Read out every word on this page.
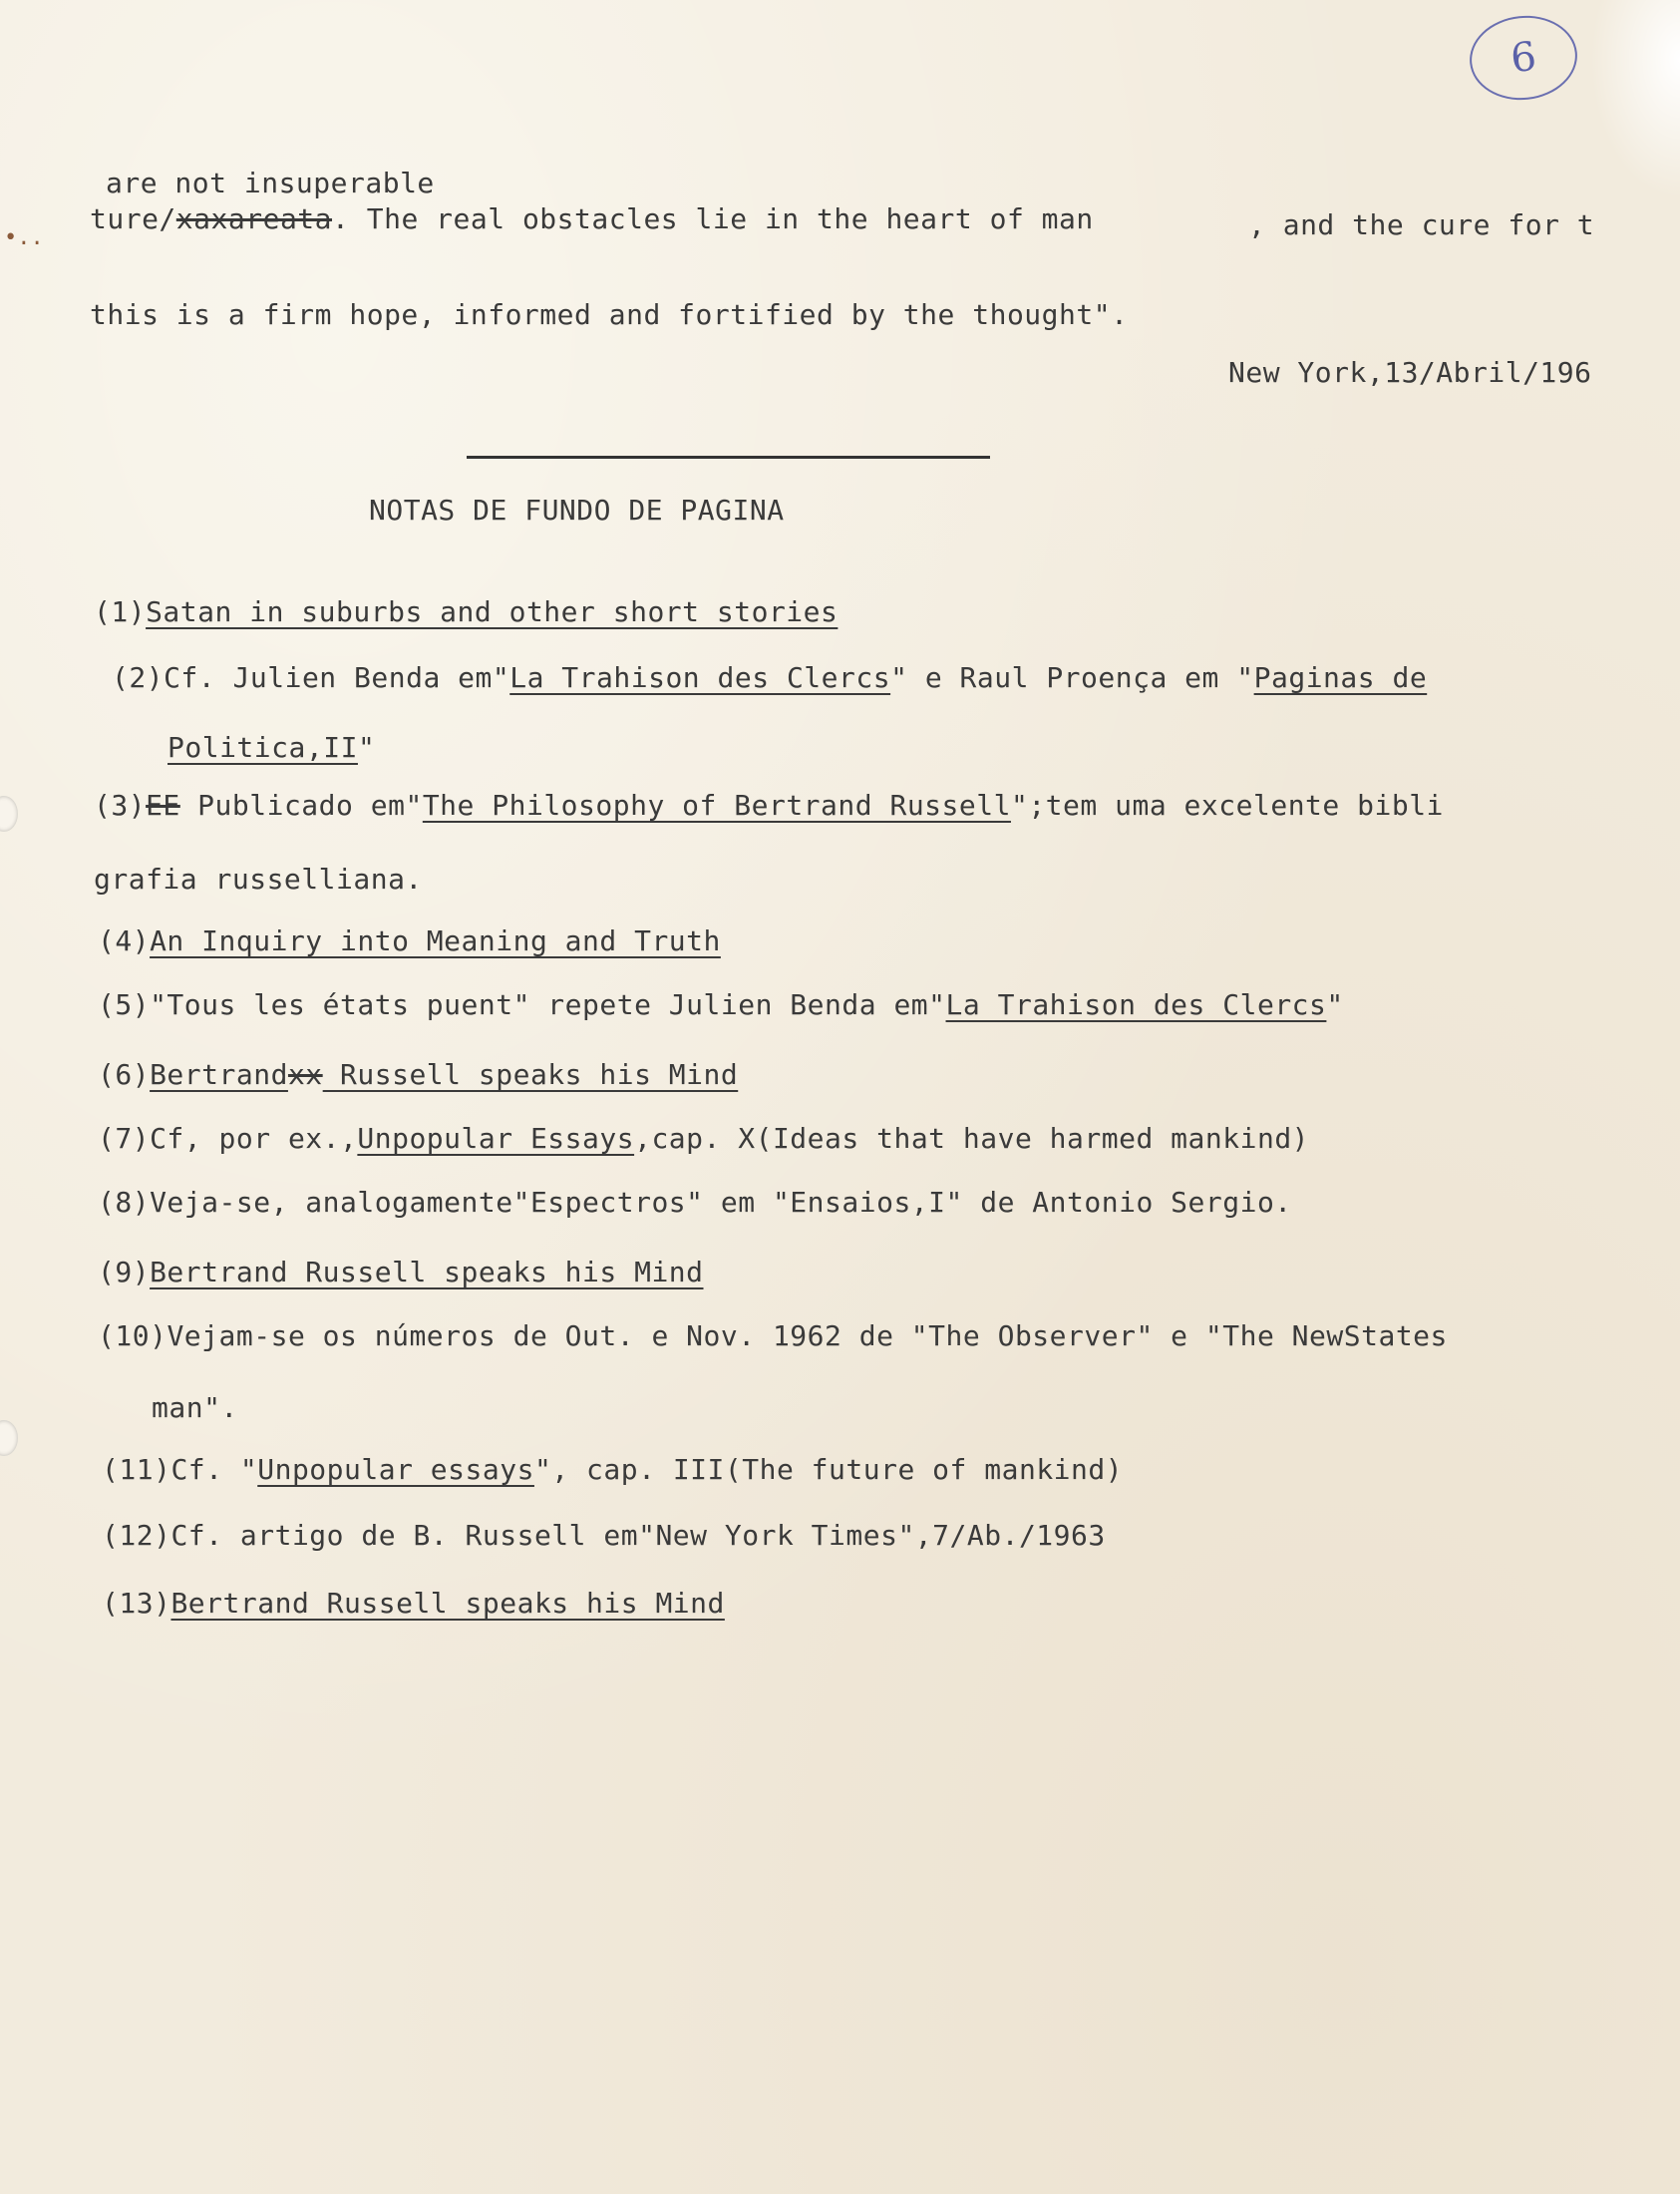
•..
6
are not insuperable
ture/xaxareata. The real obstacles lie in the heart of man	, and the cure for t
this is a firm hope, informed and fortified by the thought".
New York,13/Abril/196
NOTAS DE FUNDO DE PAGINA
(1)Satan in suburbs and other short stories
(2)Cf. Julien Benda em"La Trahison des Clercs" e Raul Proença em "Paginas de
Politica,II"
(3)EE Publicado em"The Philosophy of Bertrand Russell";tem uma excelente bibli
grafia russelliana.
(4)An Inquiry into Meaning and Truth
(5)"Tous les états puent" repete Julien Benda em"La Trahison des Clercs"
(6)Bertrandxx Russell speaks his Mind
(7)Cf, por ex.,Unpopular Essays,cap. X(Ideas that have harmed mankind)
(8)Veja-se, analogamente"Espectros" em "Ensaios,I" de Antonio Sergio.
(9)Bertrand Russell speaks his Mind
(10)Vejam-se os números de Out. e Nov. 1962 de "The Observer" e "The NewStates
man".
(11)Cf. "Unpopular essays", cap. III(The future of mankind)
(12)Cf. artigo de B. Russell em"New York Times",7/Ab./1963
(13)Bertrand Russell speaks his Mind
